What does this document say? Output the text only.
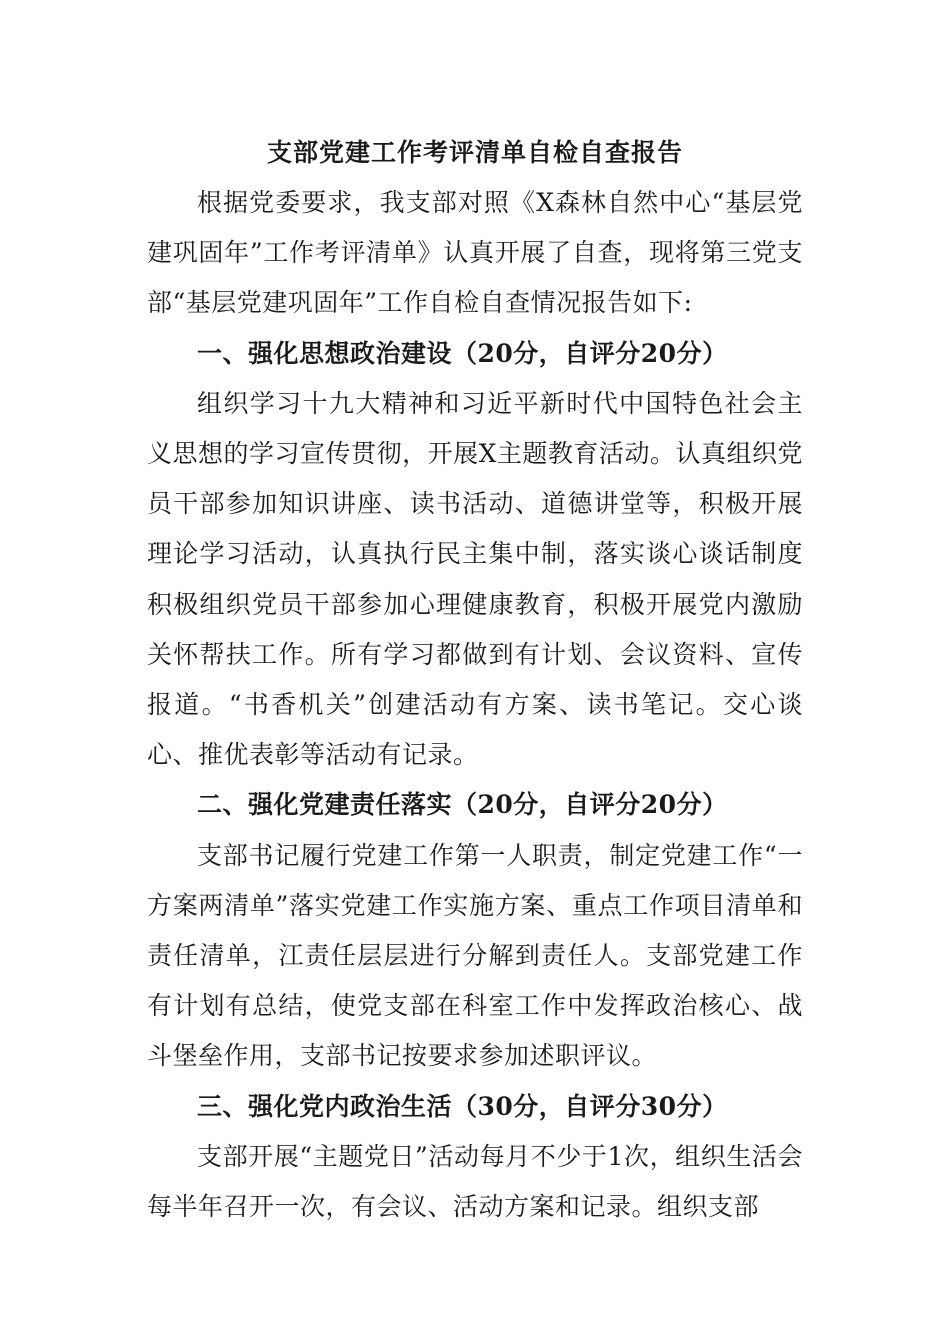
支部党建工作考评清单自检自查报告

根据党委要求，我支部对照《X森林自然中心“基层党建巩固年”工作考评清单》认真开展了自查，现将第三党支部“基层党建巩固年”工作自检自查情况报告如下:

一、强化思想政治建设（20分，自评分20分）

组织学习十九大精神和习近平新时代中国特色社会主义思想的学习宣传贯彻，开展X主题教育活动。认真组织党员干部参加知识讲座、读书活动、道德讲堂等，积极开展理论学习活动，认真执行民主集中制，落实谈心谈话制度积极组织党员干部参加心理健康教育，积极开展党内激励关怀帮扶工作。所有学习都做到有计划、会议资料、宣传报道。“书香机关”创建活动有方案、读书笔记。交心谈心、推优表彰等活动有记录。

二、强化党建责任落实（20分，自评分20分）

支部书记履行党建工作第一人职责，制定党建工作“一方案两清单”落实党建工作实施方案、重点工作项目清单和责任清单，江责任层层进行分解到责任人。支部党建工作有计划有总结，使党支部在科室工作中发挥政治核心、战斗堡垒作用，支部书记按要求参加述职评议。

三、强化党内政治生活（30分，自评分30分）

支部开展“主题党日”活动每月不少于1次，组织生活会每半年召开一次，有会议、活动方案和记录。组织支部
